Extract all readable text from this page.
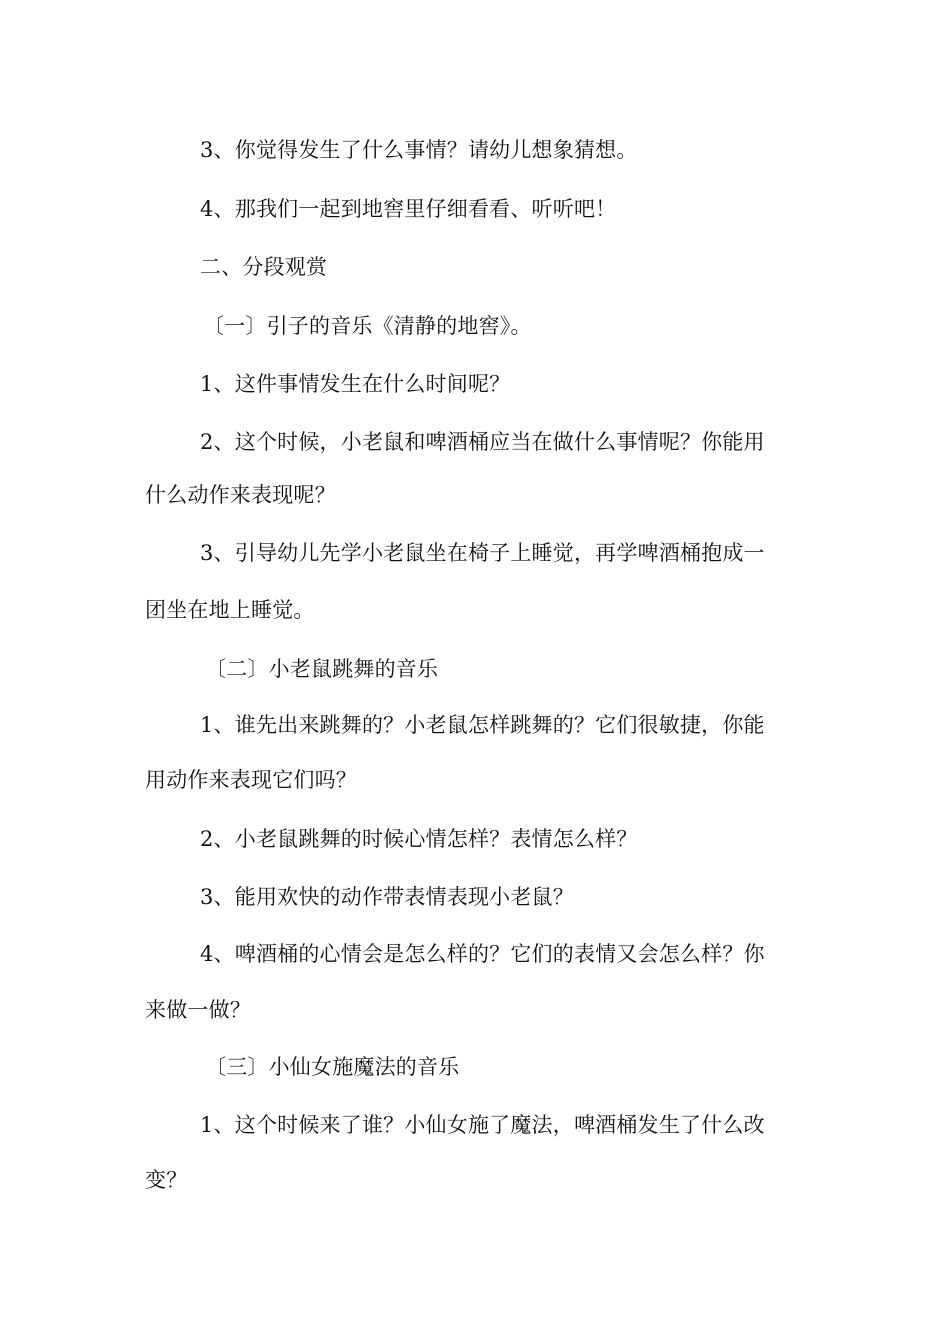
3、你觉得发生了什么事情？请幼儿想象猜想。
4、那我们一起到地窖里仔细看看、听听吧！
二、分段观赏
〔一〕引子的音乐《清静的地窖》。
1、这件事情发生在什么时间呢？
2、这个时候，小老鼠和啤酒桶应当在做什么事情呢？你能用
什么动作来表现呢？
3、引导幼儿先学小老鼠坐在椅子上睡觉，再学啤酒桶抱成一
团坐在地上睡觉。
〔二〕小老鼠跳舞的音乐
1、谁先出来跳舞的？小老鼠怎样跳舞的？它们很敏捷，你能
用动作来表现它们吗？
2、小老鼠跳舞的时候心情怎样？表情怎么样？
3、能用欢快的动作带表情表现小老鼠？
4、啤酒桶的心情会是怎么样的？它们的表情又会怎么样？你
来做一做？
〔三〕小仙女施魔法的音乐
1、这个时候来了谁？小仙女施了魔法，啤酒桶发生了什么改
变？
